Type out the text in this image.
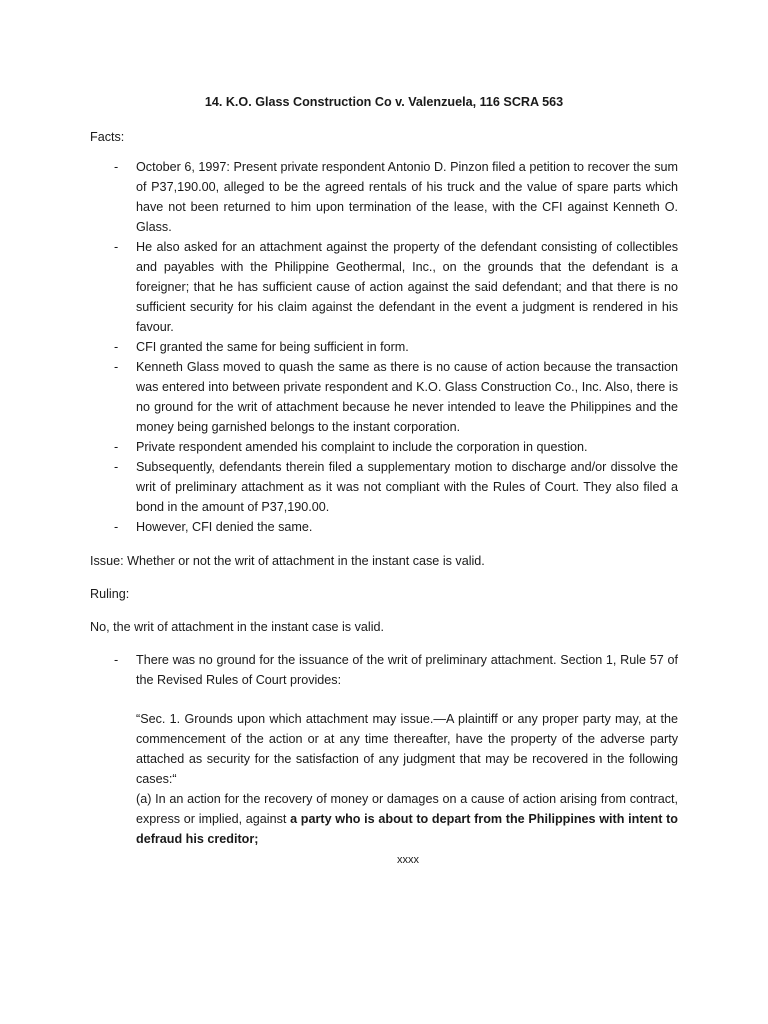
14. K.O. Glass Construction Co v. Valenzuela, 116 SCRA 563

Facts:

- October 6, 1997: Present private respondent Antonio D. Pinzon filed a petition to recover the sum of P37,190.00, alleged to be the agreed rentals of his truck and the value of spare parts which have not been returned to him upon termination of the lease, with the CFI against Kenneth O. Glass.
- He also asked for an attachment against the property of the defendant consisting of collectibles and payables with the Philippine Geothermal, Inc., on the grounds that the defendant is a foreigner; that he has sufficient cause of action against the said defendant; and that there is no sufficient security for his claim against the defendant in the event a judgment is rendered in his favour.
- CFI granted the same for being sufficient in form.
- Kenneth Glass moved to quash the same as there is no cause of action because the transaction was entered into between private respondent and K.O. Glass Construction Co., Inc. Also, there is no ground for the writ of attachment because he never intended to leave the Philippines and the money being garnished belongs to the instant corporation.
- Private respondent amended his complaint to include the corporation in question.
- Subsequently, defendants therein filed a supplementary motion to discharge and/or dissolve the writ of preliminary attachment as it was not compliant with the Rules of Court. They also filed a bond in the amount of P37,190.00.
- However, CFI denied the same.

Issue: Whether or not the writ of attachment in the instant case is valid.

Ruling:

No, the writ of attachment in the instant case is valid.

- There was no ground for the issuance of the writ of preliminary attachment. Section 1, Rule 57 of the Revised Rules of Court provides:

“Sec. 1. Grounds upon which attachment may issue.—A plaintiff or any proper party may, at the commencement of the action or at any time thereafter, have the property of the adverse party attached as security for the satisfaction of any judgment that may be recovered in the following cases:“

(a) In an action for the recovery of money or damages on a cause of action arising from contract, express or implied, against a party who is about to depart from the Philippines with intent to defraud his creditor;

xxxx
